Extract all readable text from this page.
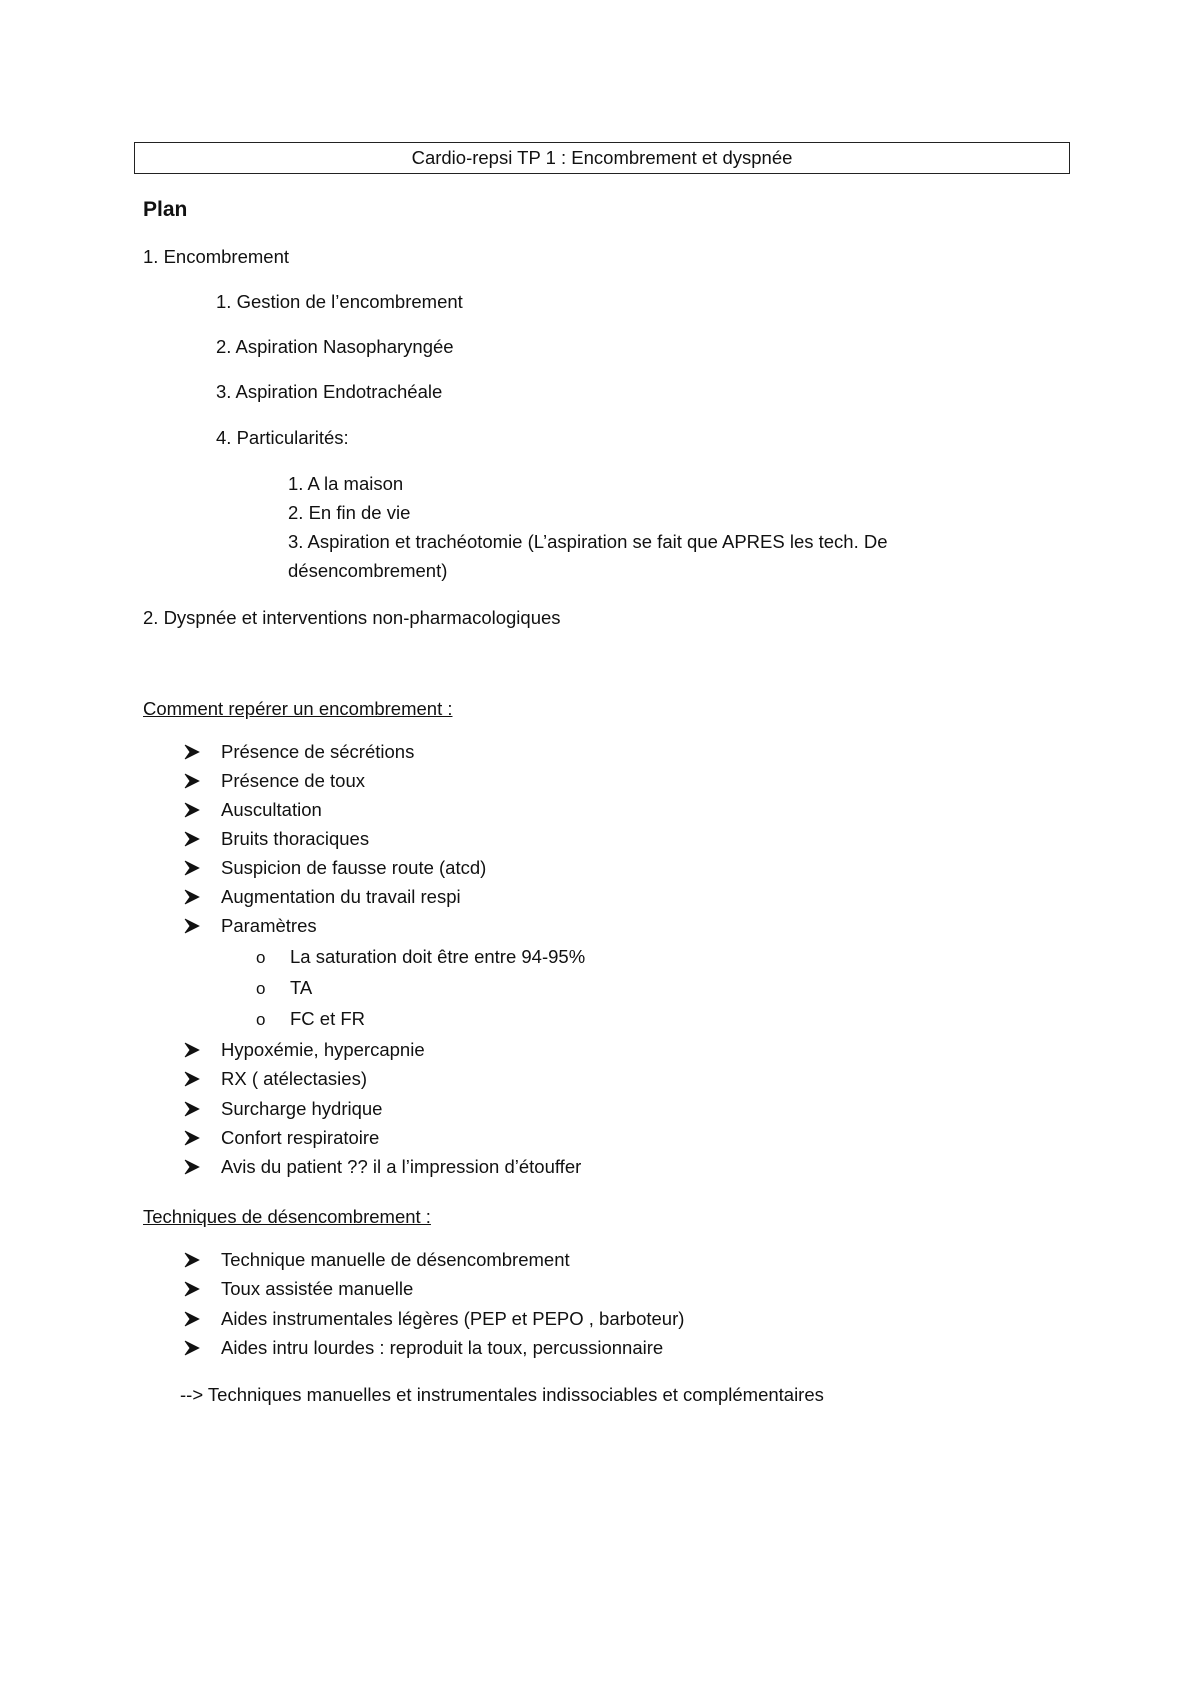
Cardio-repsi TP 1 : Encombrement et dyspnée
Plan
1. Encombrement
1. Gestion de l’encombrement
2. Aspiration Nasopharyngée
3. Aspiration Endotrachéale
4. Particularités:
1. A la maison
2. En fin de vie
3. Aspiration et trachéotomie (L’aspiration se fait que APRES les tech. De
désencombrement)
2. Dyspnée et interventions non-pharmacologiques
Comment repérer un encombrement :
Présence de sécrétions
Présence de toux
Auscultation
Bruits thoraciques
Suspicion de fausse route (atcd)
Augmentation du travail respi
Paramètres
o	La saturation doit être entre 94-95%
o	TA
o	FC et FR
Hypoxémie, hypercapnie
RX ( atélectasies)
Surcharge hydrique
Confort respiratoire
Avis du patient ?? il a l’impression d’étouffer
Techniques de désencombrement :
Technique manuelle de désencombrement
Toux assistée manuelle
Aides instrumentales légères (PEP et PEPO , barboteur)
Aides intru lourdes : reproduit la toux, percussionnaire
--> Techniques manuelles et instrumentales indissociables et complémentaires
